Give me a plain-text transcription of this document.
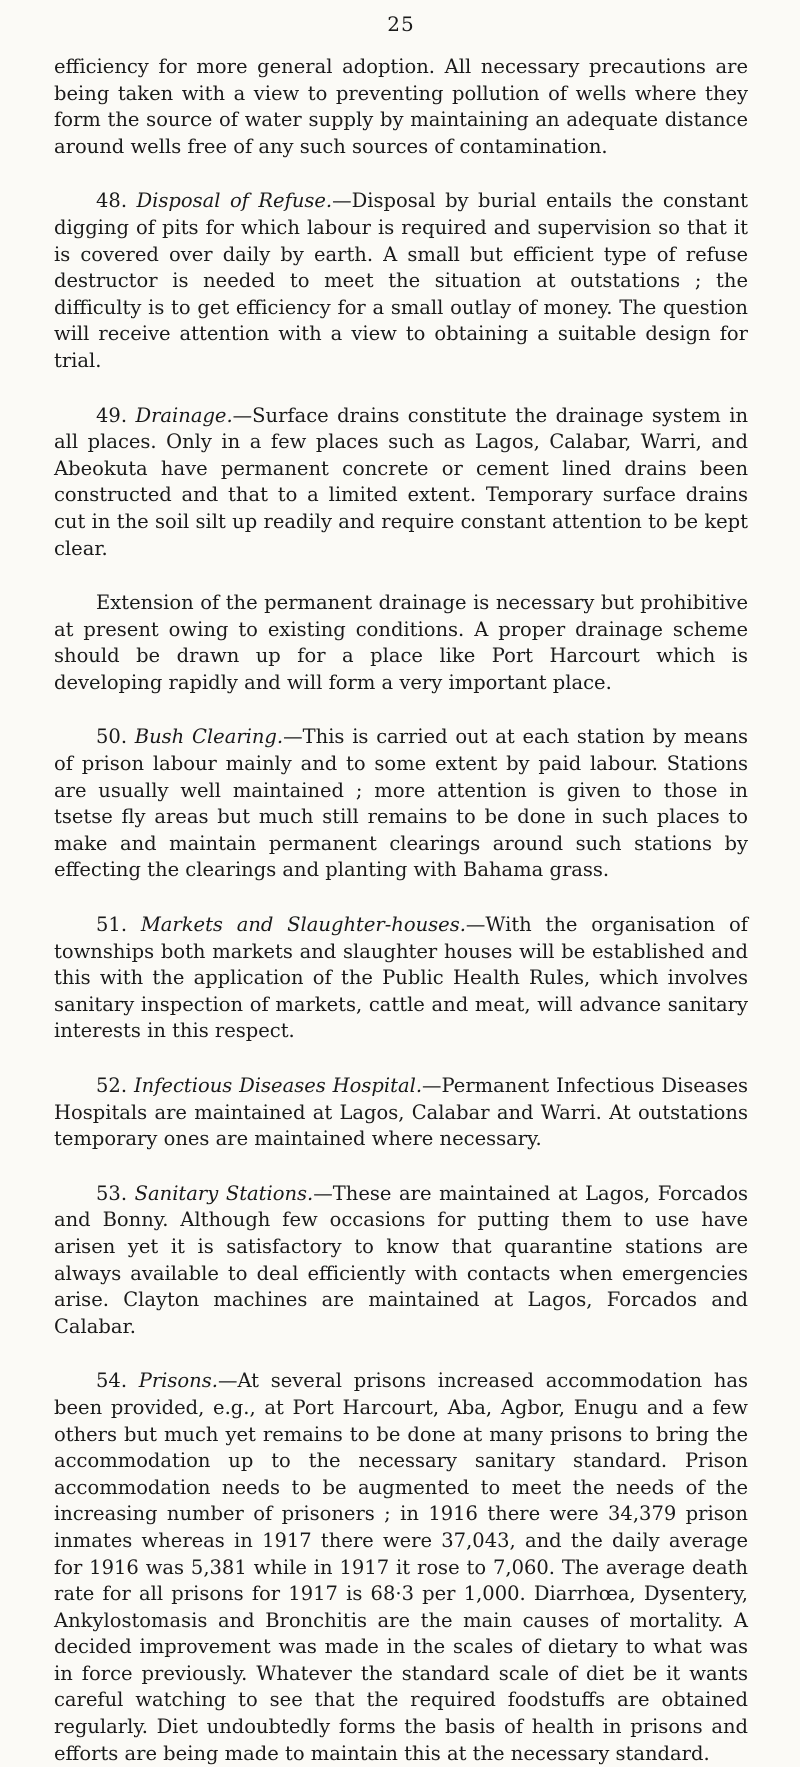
25

efficiency for more general adoption. All necessary precautions are being taken with a view to preventing pollution of wells where they form the source of water supply by maintaining an adequate distance around wells free of any such sources of contamination.

48. Disposal of Refuse.—Disposal by burial entails the constant digging of pits for which labour is required and supervision so that it is covered over daily by earth. A small but efficient type of refuse destructor is needed to meet the situation at outstations ; the difficulty is to get efficiency for a small outlay of money. The question will receive attention with a view to obtaining a suitable design for trial.

49. Drainage.—Surface drains constitute the drainage system in all places. Only in a few places such as Lagos, Calabar, Warri, and Abeokuta have permanent concrete or cement lined drains been constructed and that to a limited extent. Temporary surface drains cut in the soil silt up readily and require constant attention to be kept clear.

Extension of the permanent drainage is necessary but prohibitive at present owing to existing conditions. A proper drainage scheme should be drawn up for a place like Port Harcourt which is developing rapidly and will form a very important place.

50. Bush Clearing.—This is carried out at each station by means of prison labour mainly and to some extent by paid labour. Stations are usually well maintained ; more attention is given to those in tsetse fly areas but much still remains to be done in such places to make and maintain permanent clearings around such stations by effecting the clearings and planting with Bahama grass.

51. Markets and Slaughter-houses.—With the organisation of townships both markets and slaughter houses will be established and this with the application of the Public Health Rules, which involves sanitary inspection of markets, cattle and meat, will advance sanitary interests in this respect.

52. Infectious Diseases Hospital.—Permanent Infectious Diseases Hospitals are maintained at Lagos, Calabar and Warri. At outstations temporary ones are maintained where necessary.

53. Sanitary Stations.—These are maintained at Lagos, Forcados and Bonny. Although few occasions for putting them to use have arisen yet it is satisfactory to know that quarantine stations are always available to deal efficiently with contacts when emergencies arise. Clayton machines are maintained at Lagos, Forcados and Calabar.

54. Prisons.—At several prisons increased accommodation has been provided, e.g., at Port Harcourt, Aba, Agbor, Enugu and a few others but much yet remains to be done at many prisons to bring the accommodation up to the necessary sanitary standard. Prison accommodation needs to be augmented to meet the needs of the increasing number of prisoners ; in 1916 there were 34,379 prison inmates whereas in 1917 there were 37,043, and the daily average for 1916 was 5,381 while in 1917 it rose to 7,060. The average death rate for all prisons for 1917 is 68·3 per 1,000. Diarrhœa, Dysentery, Ankylostomasis and Bronchitis are the main causes of mortality. A decided improvement was made in the scales of dietary to what was in force previously. Whatever the standard scale of diet be it wants careful watching to see that the required foodstuffs are obtained regularly. Diet undoubtedly forms the basis of health in prisons and efforts are being made to maintain this at the necessary standard.
